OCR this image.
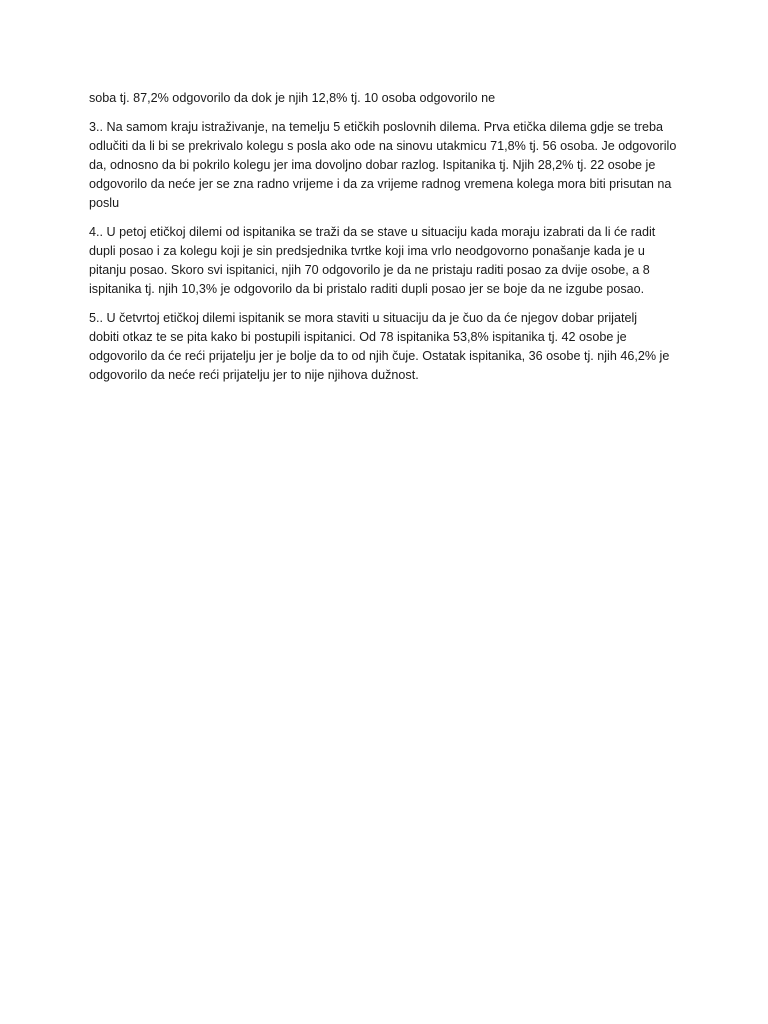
soba tj. 87,2% odgovorilo da dok je njih 12,8% tj. 10 osoba odgovorilo ne

3.. Na samom kraju istraživanje, na temelju 5 etičkih poslovnih dilema. Prva etička dilema gdje se treba
odlučiti da li bi se prekrivalo kolegu s posla ako ode na sinovu utakmicu 71,8% tj. 56 osoba. Je odgovorilo
da, odnosno da bi pokrilo kolegu jer ima dovoljno dobar razlog. Ispitanika tj. Njih 28,2% tj. 22 osobe je
odgovorilo da neće jer se zna radno vrijeme i da za vrijeme radnog vremena kolega mora biti prisutan na
poslu

4.. U petoj etičkoj dilemi od ispitanika se traži da se stave u situaciju kada moraju izabrati da li će radit
dupli posao i za kolegu koji je sin predsjednika tvrtke koji ima vrlo neodgovorno ponašanje kada je u
pitanju posao. Skoro svi ispitanici, njih 70 odgovorilo je da ne pristaju raditi posao za dvije osobe, a 8
ispitanika tj. njih 10,3% je odgovorilo da bi pristalo raditi dupli posao jer se boje da ne izgube posao.

5.. U četvrtoj etičkoj dilemi ispitanik se mora staviti u situaciju da je čuo da će njegov dobar prijatelj
dobiti otkaz te se pita kako bi postupili ispitanici. Od 78 ispitanika 53,8% ispitanika tj. 42 osobe je
odgovorilo da će reći prijatelju jer je bolje da to od njih čuje. Ostatak ispitanika, 36 osobe tj. njih 46,2% je
odgovorilo da neće reći prijatelju jer to nije njihova dužnost.
